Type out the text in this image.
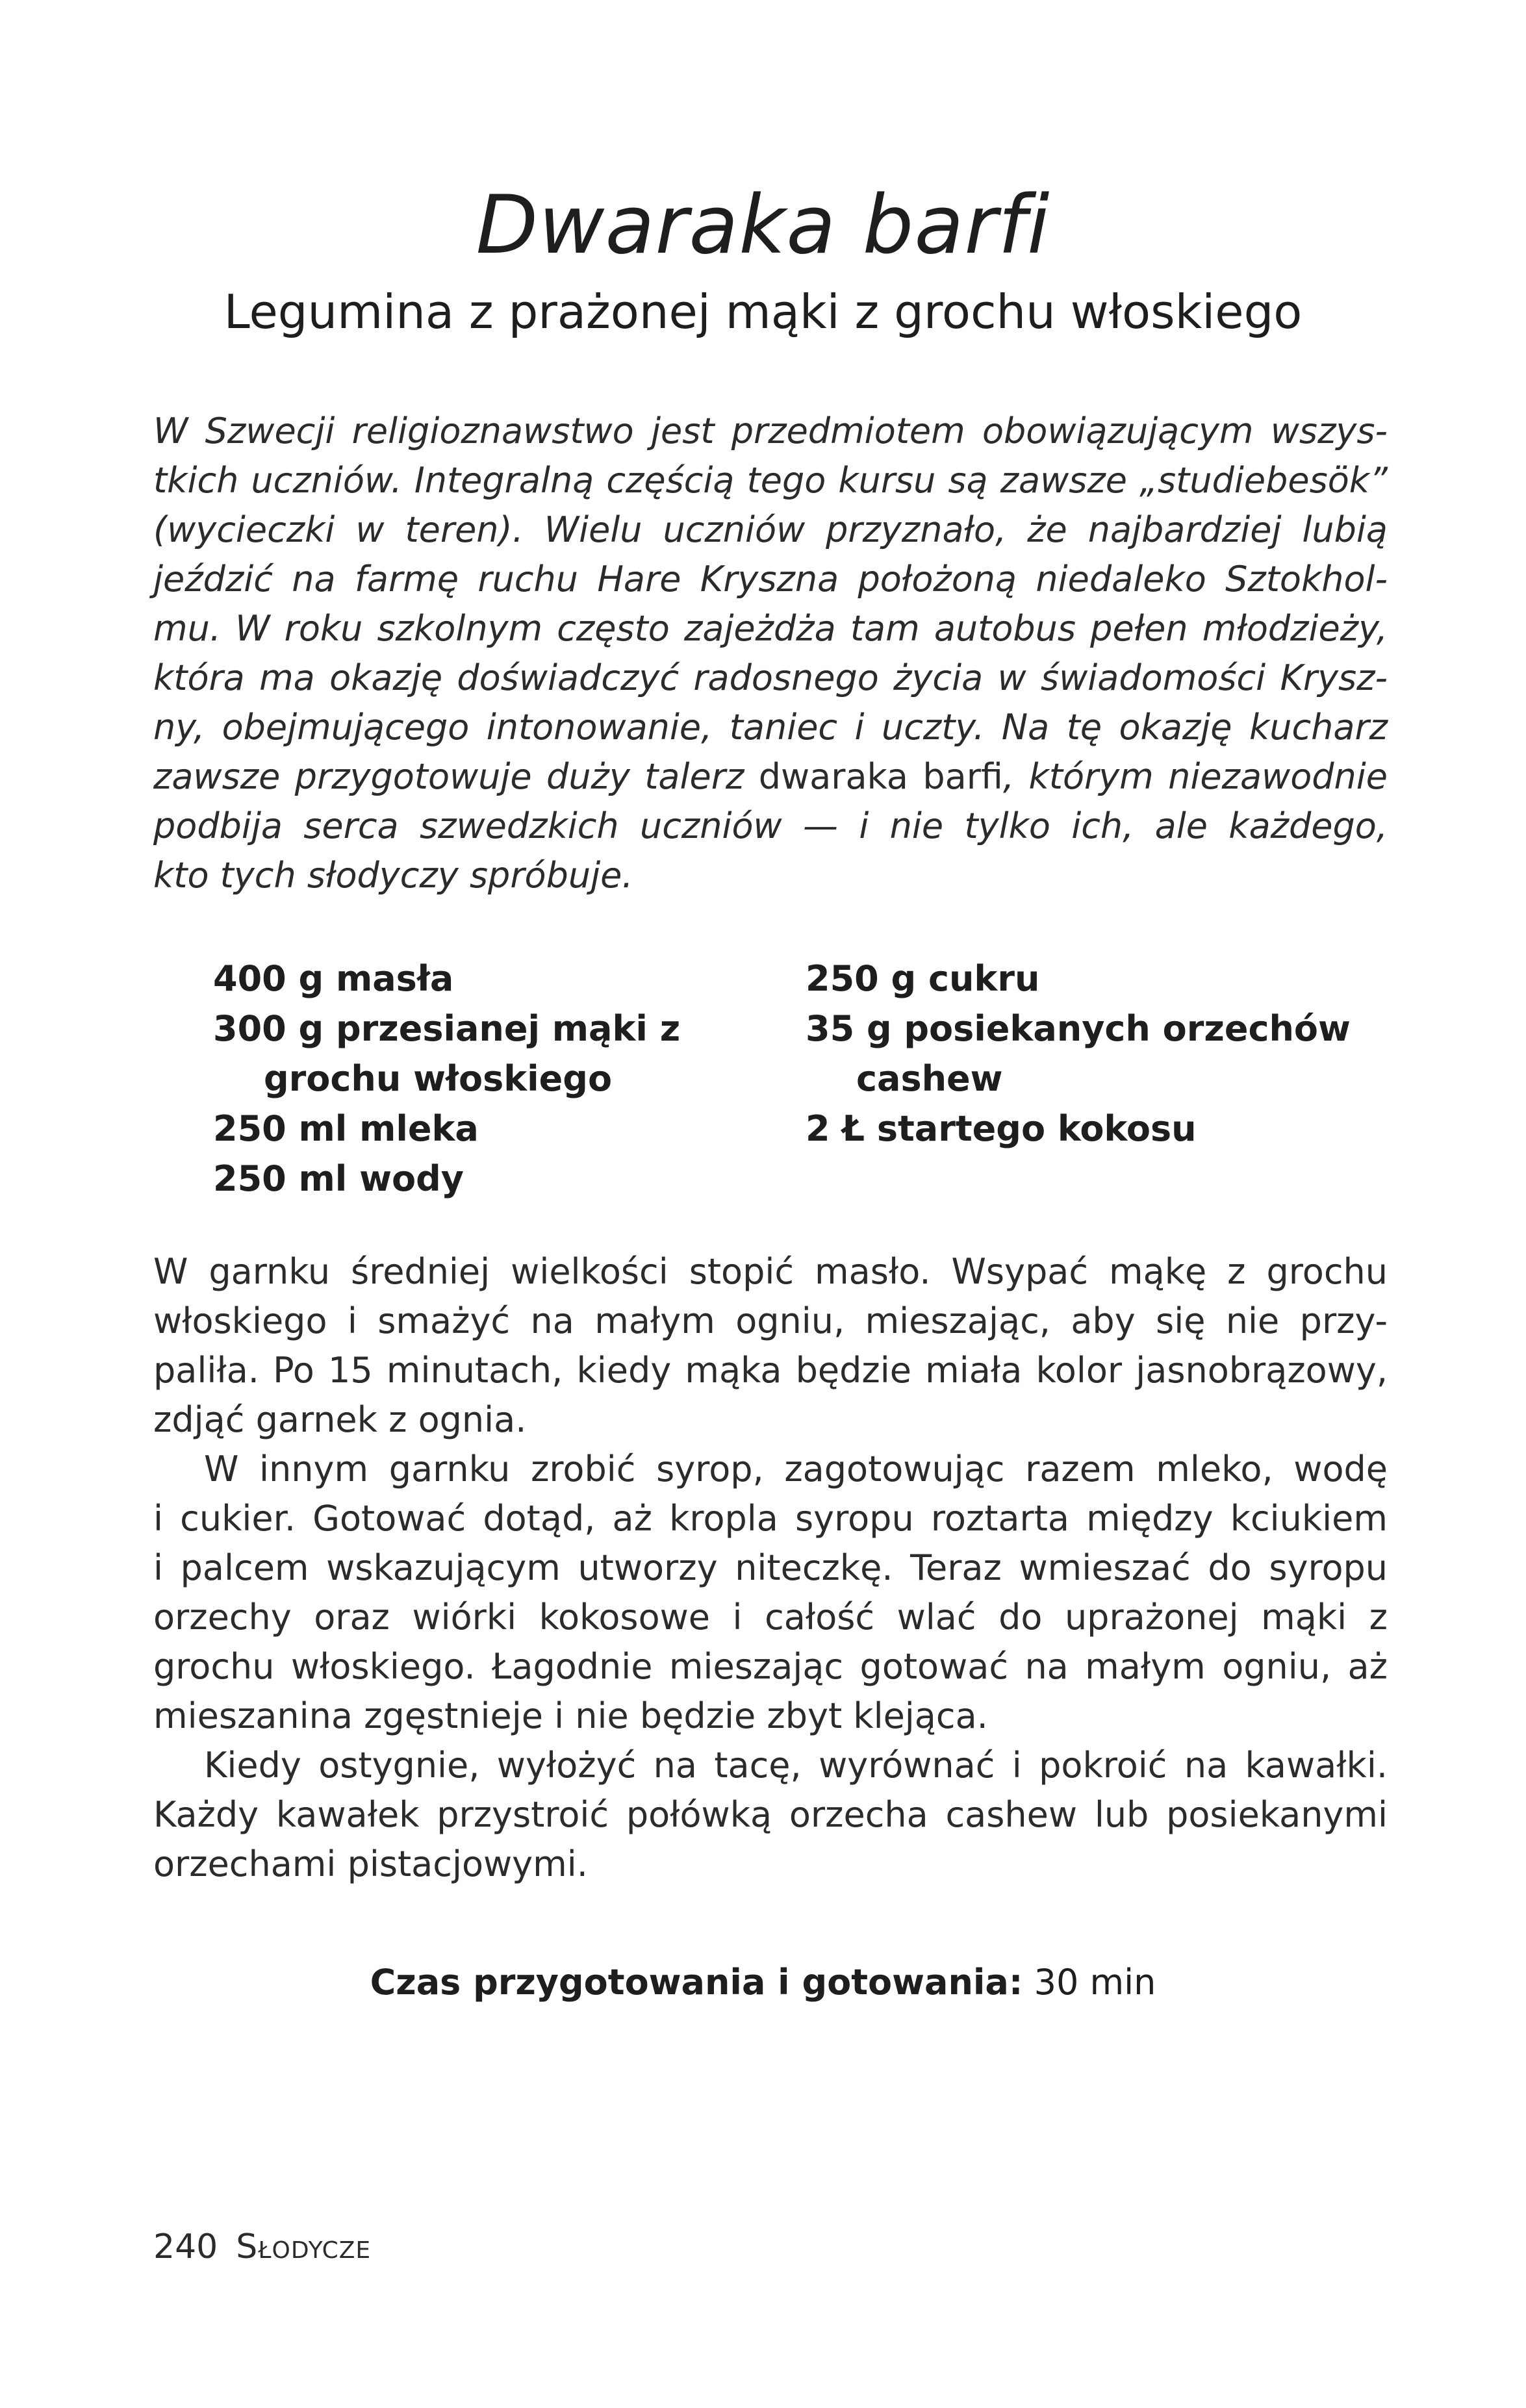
Dwaraka barfi
Legumina z prażonej mąki z grochu włoskiego
W Szwecji religioznawstwo jest przedmiotem obowiązującym wszys-
tkich uczniów. Integralną częścią tego kursu są zawsze „studiebesök”
(wycieczki w teren). Wielu uczniów przyznało, że najbardziej lubią
jeździć na farmę ruchu Hare Kryszna położoną niedaleko Sztokhol-
mu. W roku szkolnym często zajeżdża tam autobus pełen młodzieży,
która ma okazję doświadczyć radosnego życia w świadomości Krysz-
ny, obejmującego intonowanie, taniec i uczty. Na tę okazję kucharz
zawsze przygotowuje duży talerz dwaraka barfi, którym niezawodnie
podbija serca szwedzkich uczniów — i nie tylko ich, ale każdego,
kto tych słodyczy spróbuje.
400 g masła
300 g przesianej mąki z
grochu włoskiego
250 ml mleka
250 ml wody
250 g cukru
35 g posiekanych orzechów
cashew
2 Ł startego kokosu
W garnku średniej wielkości stopić masło. Wsypać mąkę z grochu
włoskiego i smażyć na małym ogniu, mieszając, aby się nie przy-
paliła. Po 15 minutach, kiedy mąka będzie miała kolor jasnobrązowy,
zdjąć garnek z ognia.
W innym garnku zrobić syrop, zagotowując razem mleko, wodę
i cukier. Gotować dotąd, aż kropla syropu roztarta między kciukiem
i palcem wskazującym utworzy niteczkę. Teraz wmieszać do syropu
orzechy oraz wiórki kokosowe i całość wlać do uprażonej mąki z
grochu włoskiego. Łagodnie mieszając gotować na małym ogniu, aż
mieszanina zgęstnieje i nie będzie zbyt klejąca.
Kiedy ostygnie, wyłożyć na tacę, wyrównać i pokroić na kawałki.
Każdy kawałek przystroić połówką orzecha cashew lub posiekanymi
orzechami pistacjowymi.
Czas przygotowania i gotowania: 30 min
240 Słodycze
